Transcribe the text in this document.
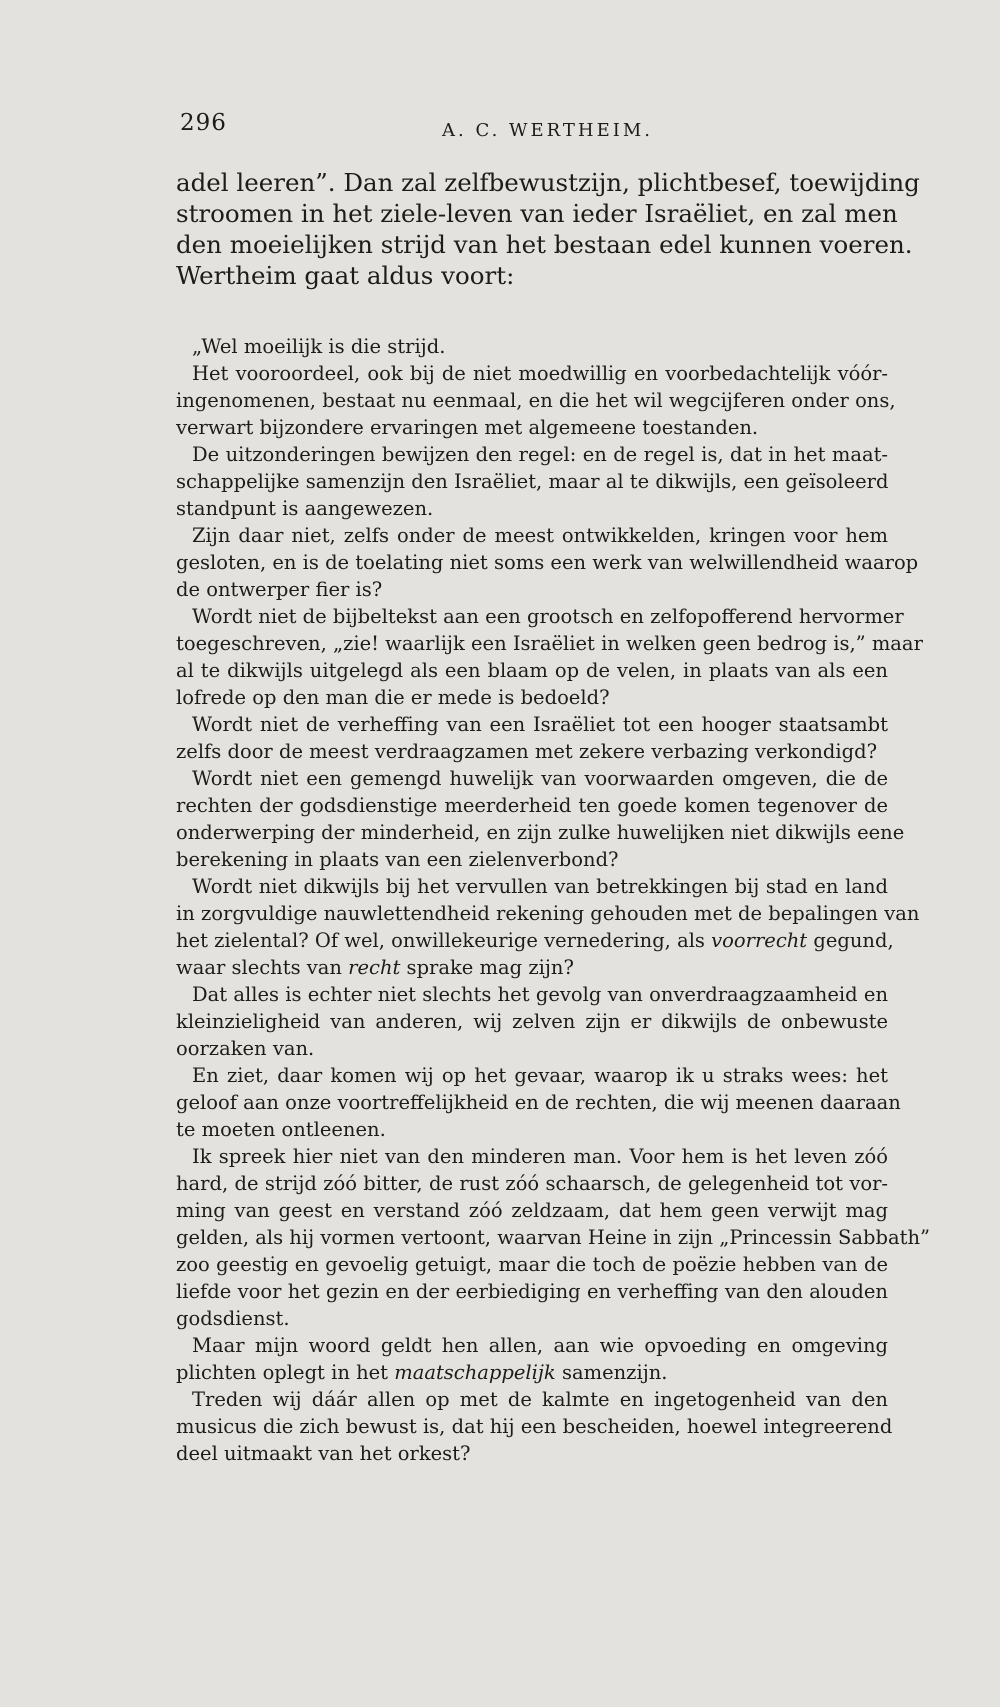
296	A. C. WERTHEIM.
adel leeren”. Dan zal zelfbewustzijn, plichtbesef, toewijding
stroomen in het ziele-leven van ieder Israëliet, en zal men
den moeielijken strijd van het bestaan edel kunnen voeren.
Wertheim gaat aldus voort:
„Wel moeilijk is die strijd.
Het vooroordeel, ook bij de niet moedwillig en voorbedachtelijk vóór-
ingenomenen, bestaat nu eenmaal, en die het wil wegcijferen onder ons,
verwart bijzondere ervaringen met algemeene toestanden.
De uitzonderingen bewijzen den regel: en de regel is, dat in het maat-
schappelijke samenzijn den Israëliet, maar al te dikwijls, een geïsoleerd
standpunt is aangewezen.
Zijn daar niet, zelfs onder de meest ontwikkelden, kringen voor hem
gesloten, en is de toelating niet soms een werk van welwillendheid waarop
de ontwerper fier is?
Wordt niet de bijbeltekst aan een grootsch en zelfopofferend hervormer
toegeschreven, „zie! waarlijk een Israëliet in welken geen bedrog is,” maar
al te dikwijls uitgelegd als een blaam op de velen, in plaats van als een
lofrede op den man die er mede is bedoeld?
Wordt niet de verheffing van een Israëliet tot een hooger staatsambt
zelfs door de meest verdraagzamen met zekere verbazing verkondigd?
Wordt niet een gemengd huwelijk van voorwaarden omgeven, die de
rechten der godsdienstige meerderheid ten goede komen tegenover de
onderwerping der minderheid, en zijn zulke huwelijken niet dikwijls eene
berekening in plaats van een zielenverbond?
Wordt niet dikwijls bij het vervullen van betrekkingen bij stad en land
in zorgvuldige nauwlettendheid rekening gehouden met de bepalingen van
het zielental? Of wel, onwillekeurige vernedering, als voorrecht gegund,
waar slechts van recht sprake mag zijn?
Dat alles is echter niet slechts het gevolg van onverdraagzaamheid en
kleinzieligheid van anderen, wij zelven zijn er dikwijls de onbewuste
oorzaken van.
En ziet, daar komen wij op het gevaar, waarop ik u straks wees: het
geloof aan onze voortreffelijkheid en de rechten, die wij meenen daaraan
te moeten ontleenen.
Ik spreek hier niet van den minderen man. Voor hem is het leven zóó
hard, de strijd zóó bitter, de rust zóó schaarsch, de gelegenheid tot vor-
ming van geest en verstand zóó zeldzaam, dat hem geen verwijt mag
gelden, als hij vormen vertoont, waarvan Heine in zijn „Princessin Sabbath”
zoo geestig en gevoelig getuigt, maar die toch de poëzie hebben van de
liefde voor het gezin en der eerbiediging en verheffing van den alouden
godsdienst.
Maar mijn woord geldt hen allen, aan wie opvoeding en omgeving
plichten oplegt in het maatschappelijk samenzijn.
Treden wij dáár allen op met de kalmte en ingetogenheid van den
musicus die zich bewust is, dat hij een bescheiden, hoewel integreerend
deel uitmaakt van het orkest?
